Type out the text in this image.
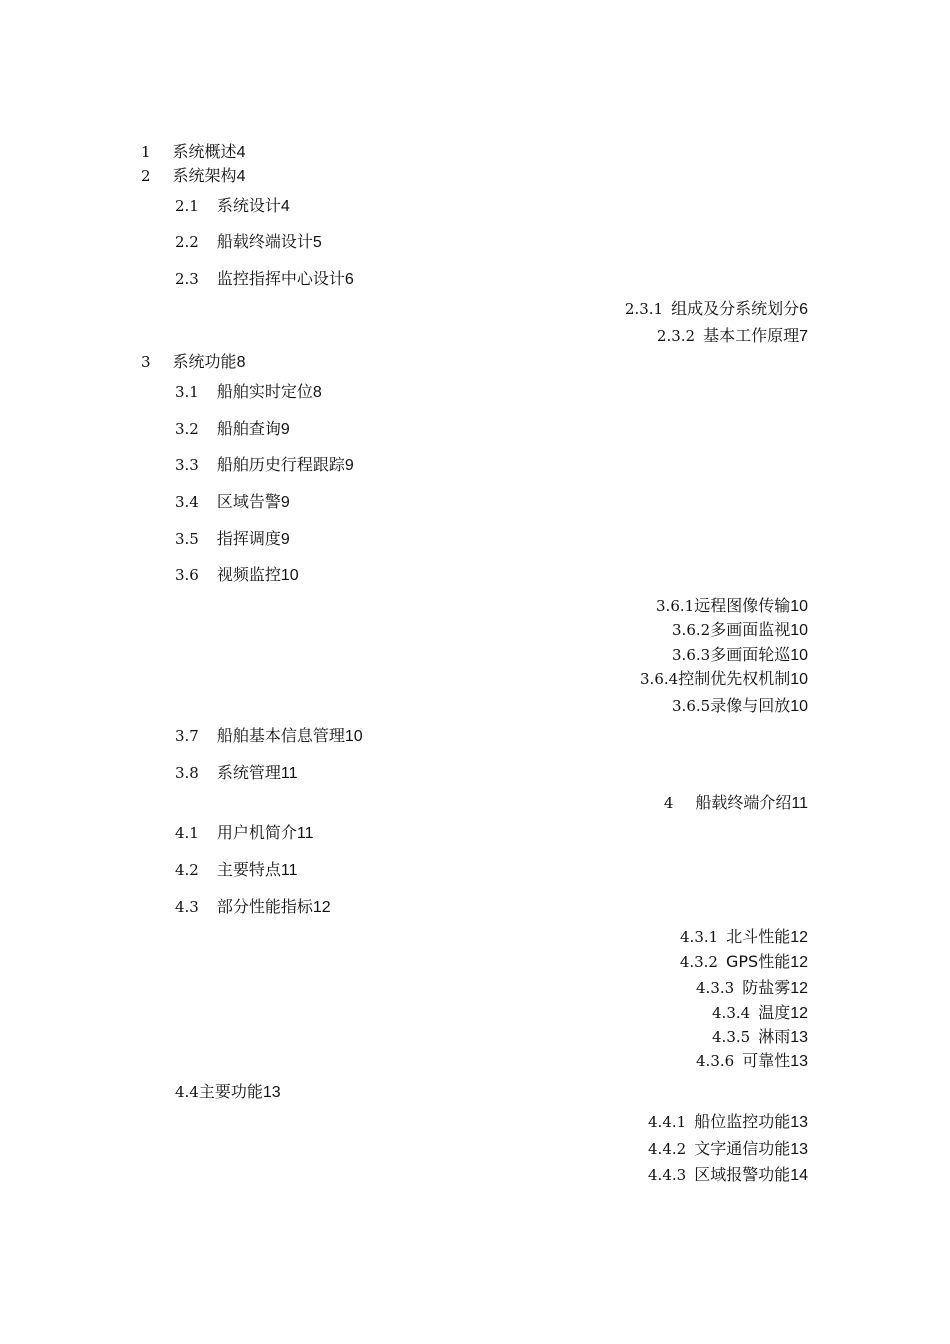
1 系统概述4
2 系统架构4
2.1 系统设计4
2.2 船载终端设计5
2.3 监控指挥中心设计6
2.3.1 组成及分系统划分6
2.3.2 基本工作原理7
3 系统功能8
3.1 船舶实时定位8
3.2 船舶查询9
3.3 船舶历史行程跟踪9
3.4 区域告警9
3.5 指挥调度9
3.6 视频监控10
3.6.1远程图像传输10
3.6.2多画面监视10
3.6.3多画面轮巡10
3.6.4控制优先权机制10
3.6.5录像与回放10
3.7 船舶基本信息管理10
3.8 系统管理11
4 船载终端介绍11
4.1 用户机简介11
4.2 主要特点11
4.3 部分性能指标12
4.3.1 北斗性能12
4.3.2 GPS性能12
4.3.3 防盐雾12
4.3.4 温度12
4.3.5 淋雨13
4.3.6 可靠性13
4.4主要功能13
4.4.1 船位监控功能13
4.4.2 文字通信功能13
4.4.3 区域报警功能14
